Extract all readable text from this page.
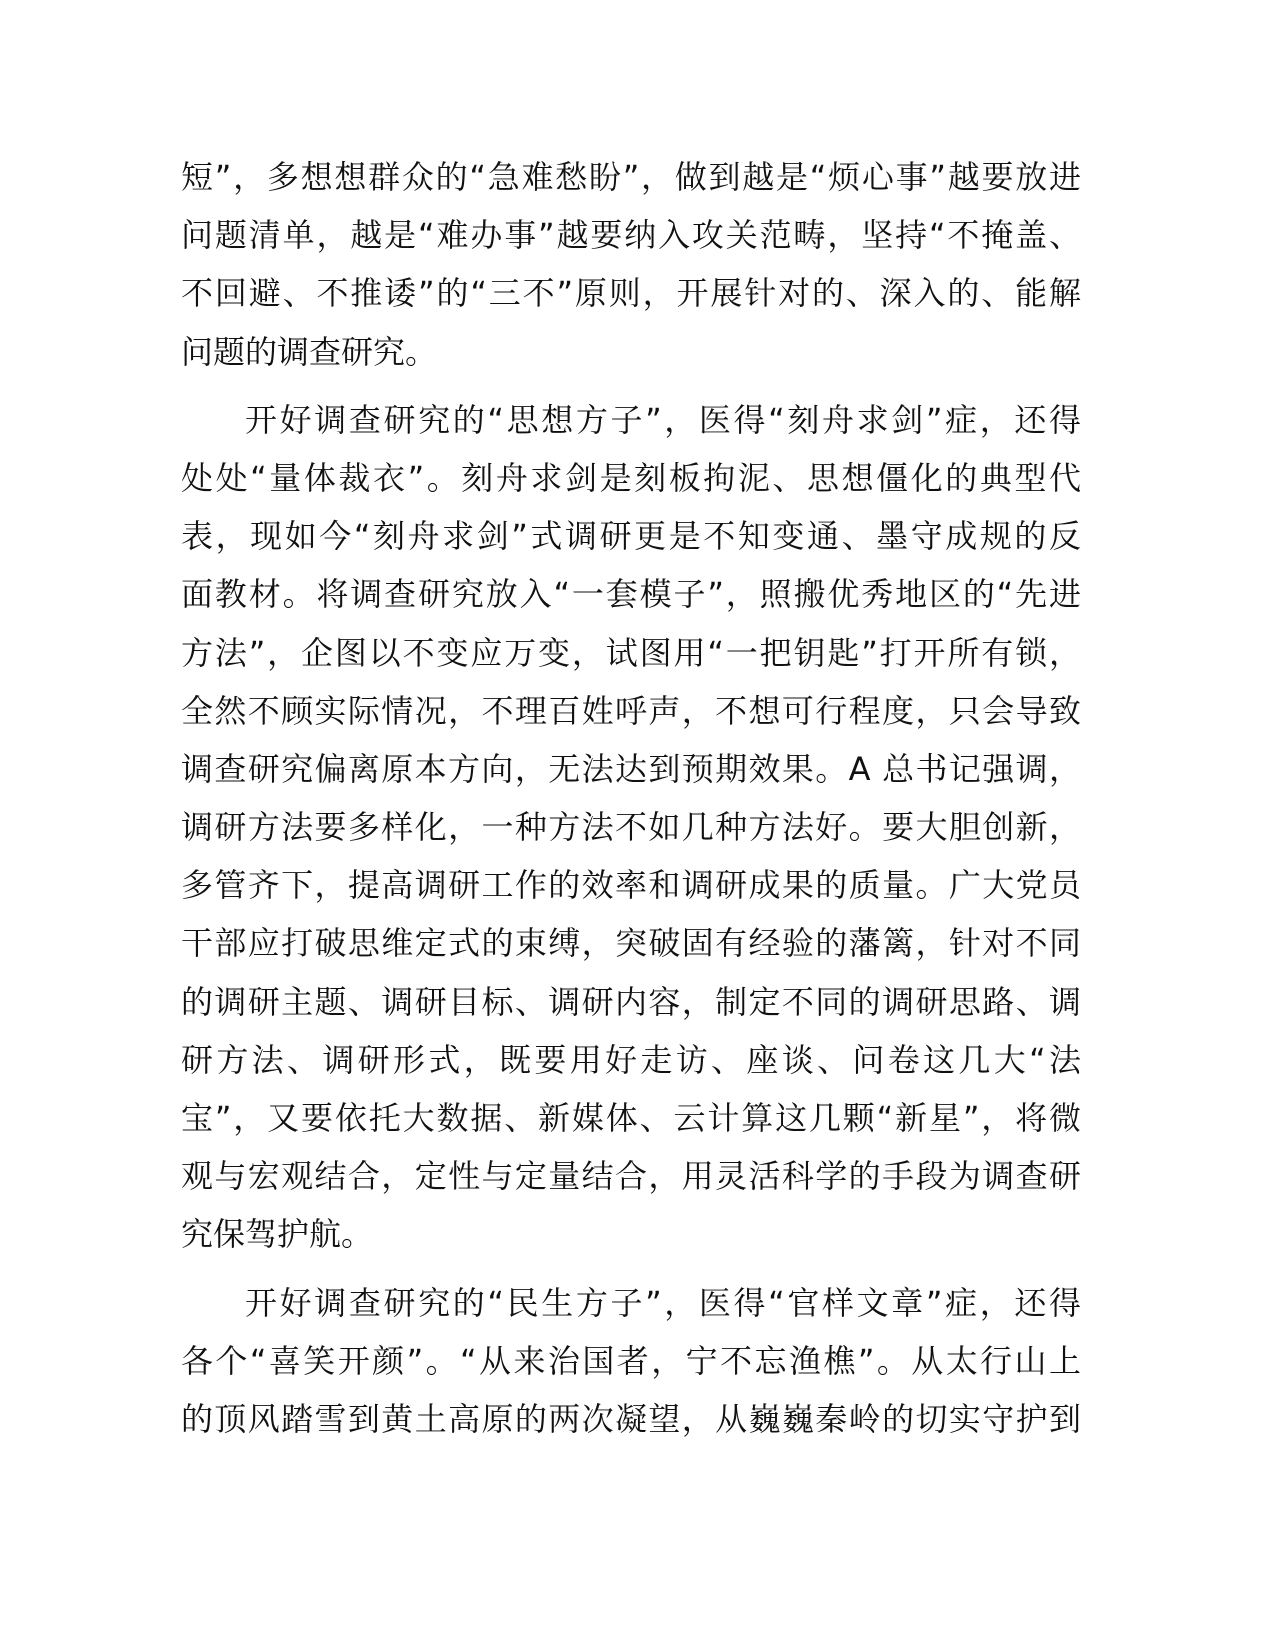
短”，多想想群众的“急难愁盼”，做到越是“烦心事”越要放进
问题清单，越是“难办事”越要纳入攻关范畴，坚持“不掩盖、
不回避、不推诿”的“三不”原则，开展针对的、深入的、能解
问题的调查研究。
开好调查研究的“思想方子”，医得“刻舟求剑”症，还得
处处“量体裁衣”。刻舟求剑是刻板拘泥、思想僵化的典型代
表，现如今“刻舟求剑”式调研更是不知变通、墨守成规的反
面教材。将调查研究放入“一套模子”，照搬优秀地区的“先进
方法”，企图以不变应万变，试图用“一把钥匙”打开所有锁，
全然不顾实际情况，不理百姓呼声，不想可行程度，只会导致
调查研究偏离原本方向，无法达到预期效果。A 总书记强调，
调研方法要多样化，一种方法不如几种方法好。要大胆创新，
多管齐下，提高调研工作的效率和调研成果的质量。广大党员
干部应打破思维定式的束缚，突破固有经验的藩篱，针对不同
的调研主题、调研目标、调研内容，制定不同的调研思路、调
研方法、调研形式，既要用好走访、座谈、问卷这几大“法
宝”，又要依托大数据、新媒体、云计算这几颗“新星”，将微
观与宏观结合，定性与定量结合，用灵活科学的手段为调查研
究保驾护航。
开好调查研究的“民生方子”，医得“官样文章”症，还得
各个“喜笑开颜”。“从来治国者，宁不忘渔樵”。从太行山上
的顶风踏雪到黄土高原的两次凝望，从巍巍秦岭的切实守护到
